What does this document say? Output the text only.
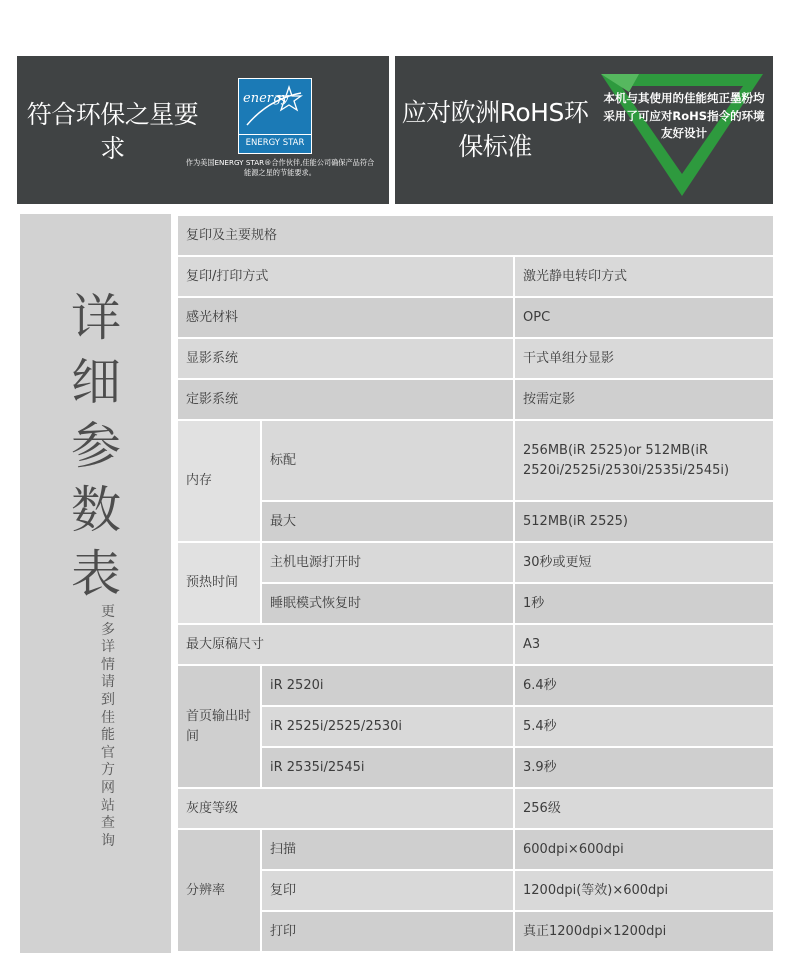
符合环保之星要求
energy
ENERGY STAR
作为美国ENERGY STAR®合作伙伴,佳能公司确保产品符合能源之星的节能要求。
应对欧洲RoHS环保标准
本机与其使用的佳能纯正墨粉均采用了可应对RoHS指令的环境友好设计
详细参数表
更多详情 请到佳能官方网站查询
复印及主要规格		
复印/打印方式		激光静电转印方式
感光材料		OPC
显影系统		干式单组分显影
定影系统		按需定影
内存	标配	256MB(iR 2525)or 512MB(iR 2520i/2525i/2530i/2535i/2545i)
	最大	512MB(iR 2525)
预热时间	主机电源打开时	30秒或更短
	睡眠模式恢复时	1秒
最大原稿尺寸		A3
首页输出时间	iR 2520i	6.4秒
	iR 2525i/2525/2530i	5.4秒
	iR 2535i/2545i	3.9秒
灰度等级		256级
分辨率	扫描	600dpi×600dpi
	复印	1200dpi(等效)×600dpi
	打印	真正1200dpi×1200dpi
